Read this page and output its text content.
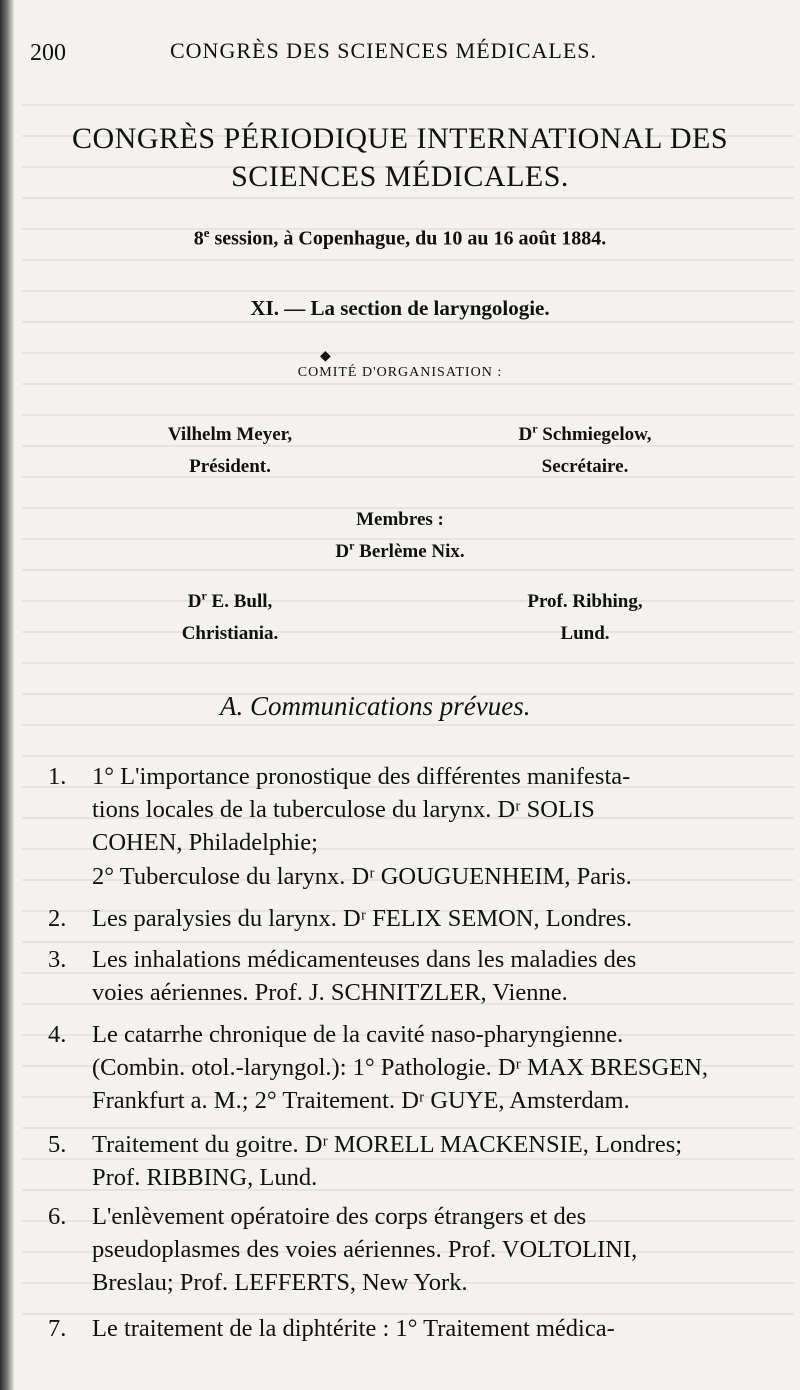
200	CONGRÈS DES SCIENCES MÉDICALES.
CONGRÈS PÉRIODIQUE INTERNATIONAL DES
SCIENCES MÉDICALES.
8e session, à Copenhague, du 10 au 16 août 1884.
XI. — La section de laryngologie.
◆
COMITÉ D'ORGANISATION :
Vilhelm Meyer,	$D^r$ Schmiegelow,
Président.	Secrétaire.
Membres :
$D^r$ Berlème Nix.
$D^r$ E. Bull,	Prof. Ribhing,
Christiania.	Lund.
A. Communications prévues.
1.	1° L'importance pronostique des différentes manifesta-
tions locales de la tuberculose du larynx. Dʳ SOLIS
COHEN, Philadelphie;
2° Tuberculose du larynx. Dʳ GOUGUENHEIM, Paris.
2.	Les paralysies du larynx. Dʳ FELIX SEMON, Londres.
3.	Les inhalations médicamenteuses dans les maladies des
voies aériennes. Prof. J. SCHNITZLER, Vienne.
4.	Le catarrhe chronique de la cavité naso-pharyngienne.
(Combin. otol.-laryngol.): 1° Pathologie. Dʳ MAX BRESGEN,
Frankfurt a. M.; 2° Traitement. Dʳ GUYE, Amsterdam.
5.	Traitement du goitre. Dʳ MORELL MACKENSIE, Londres;
Prof. RIBBING, Lund.
6.	L'enlèvement opératoire des corps étrangers et des
pseudoplasmes des voies aériennes. Prof. VOLTOLINI,
Breslau; Prof. LEFFERTS, New York.
7.	Le traitement de la diphtérite : 1° Traitement médica-
